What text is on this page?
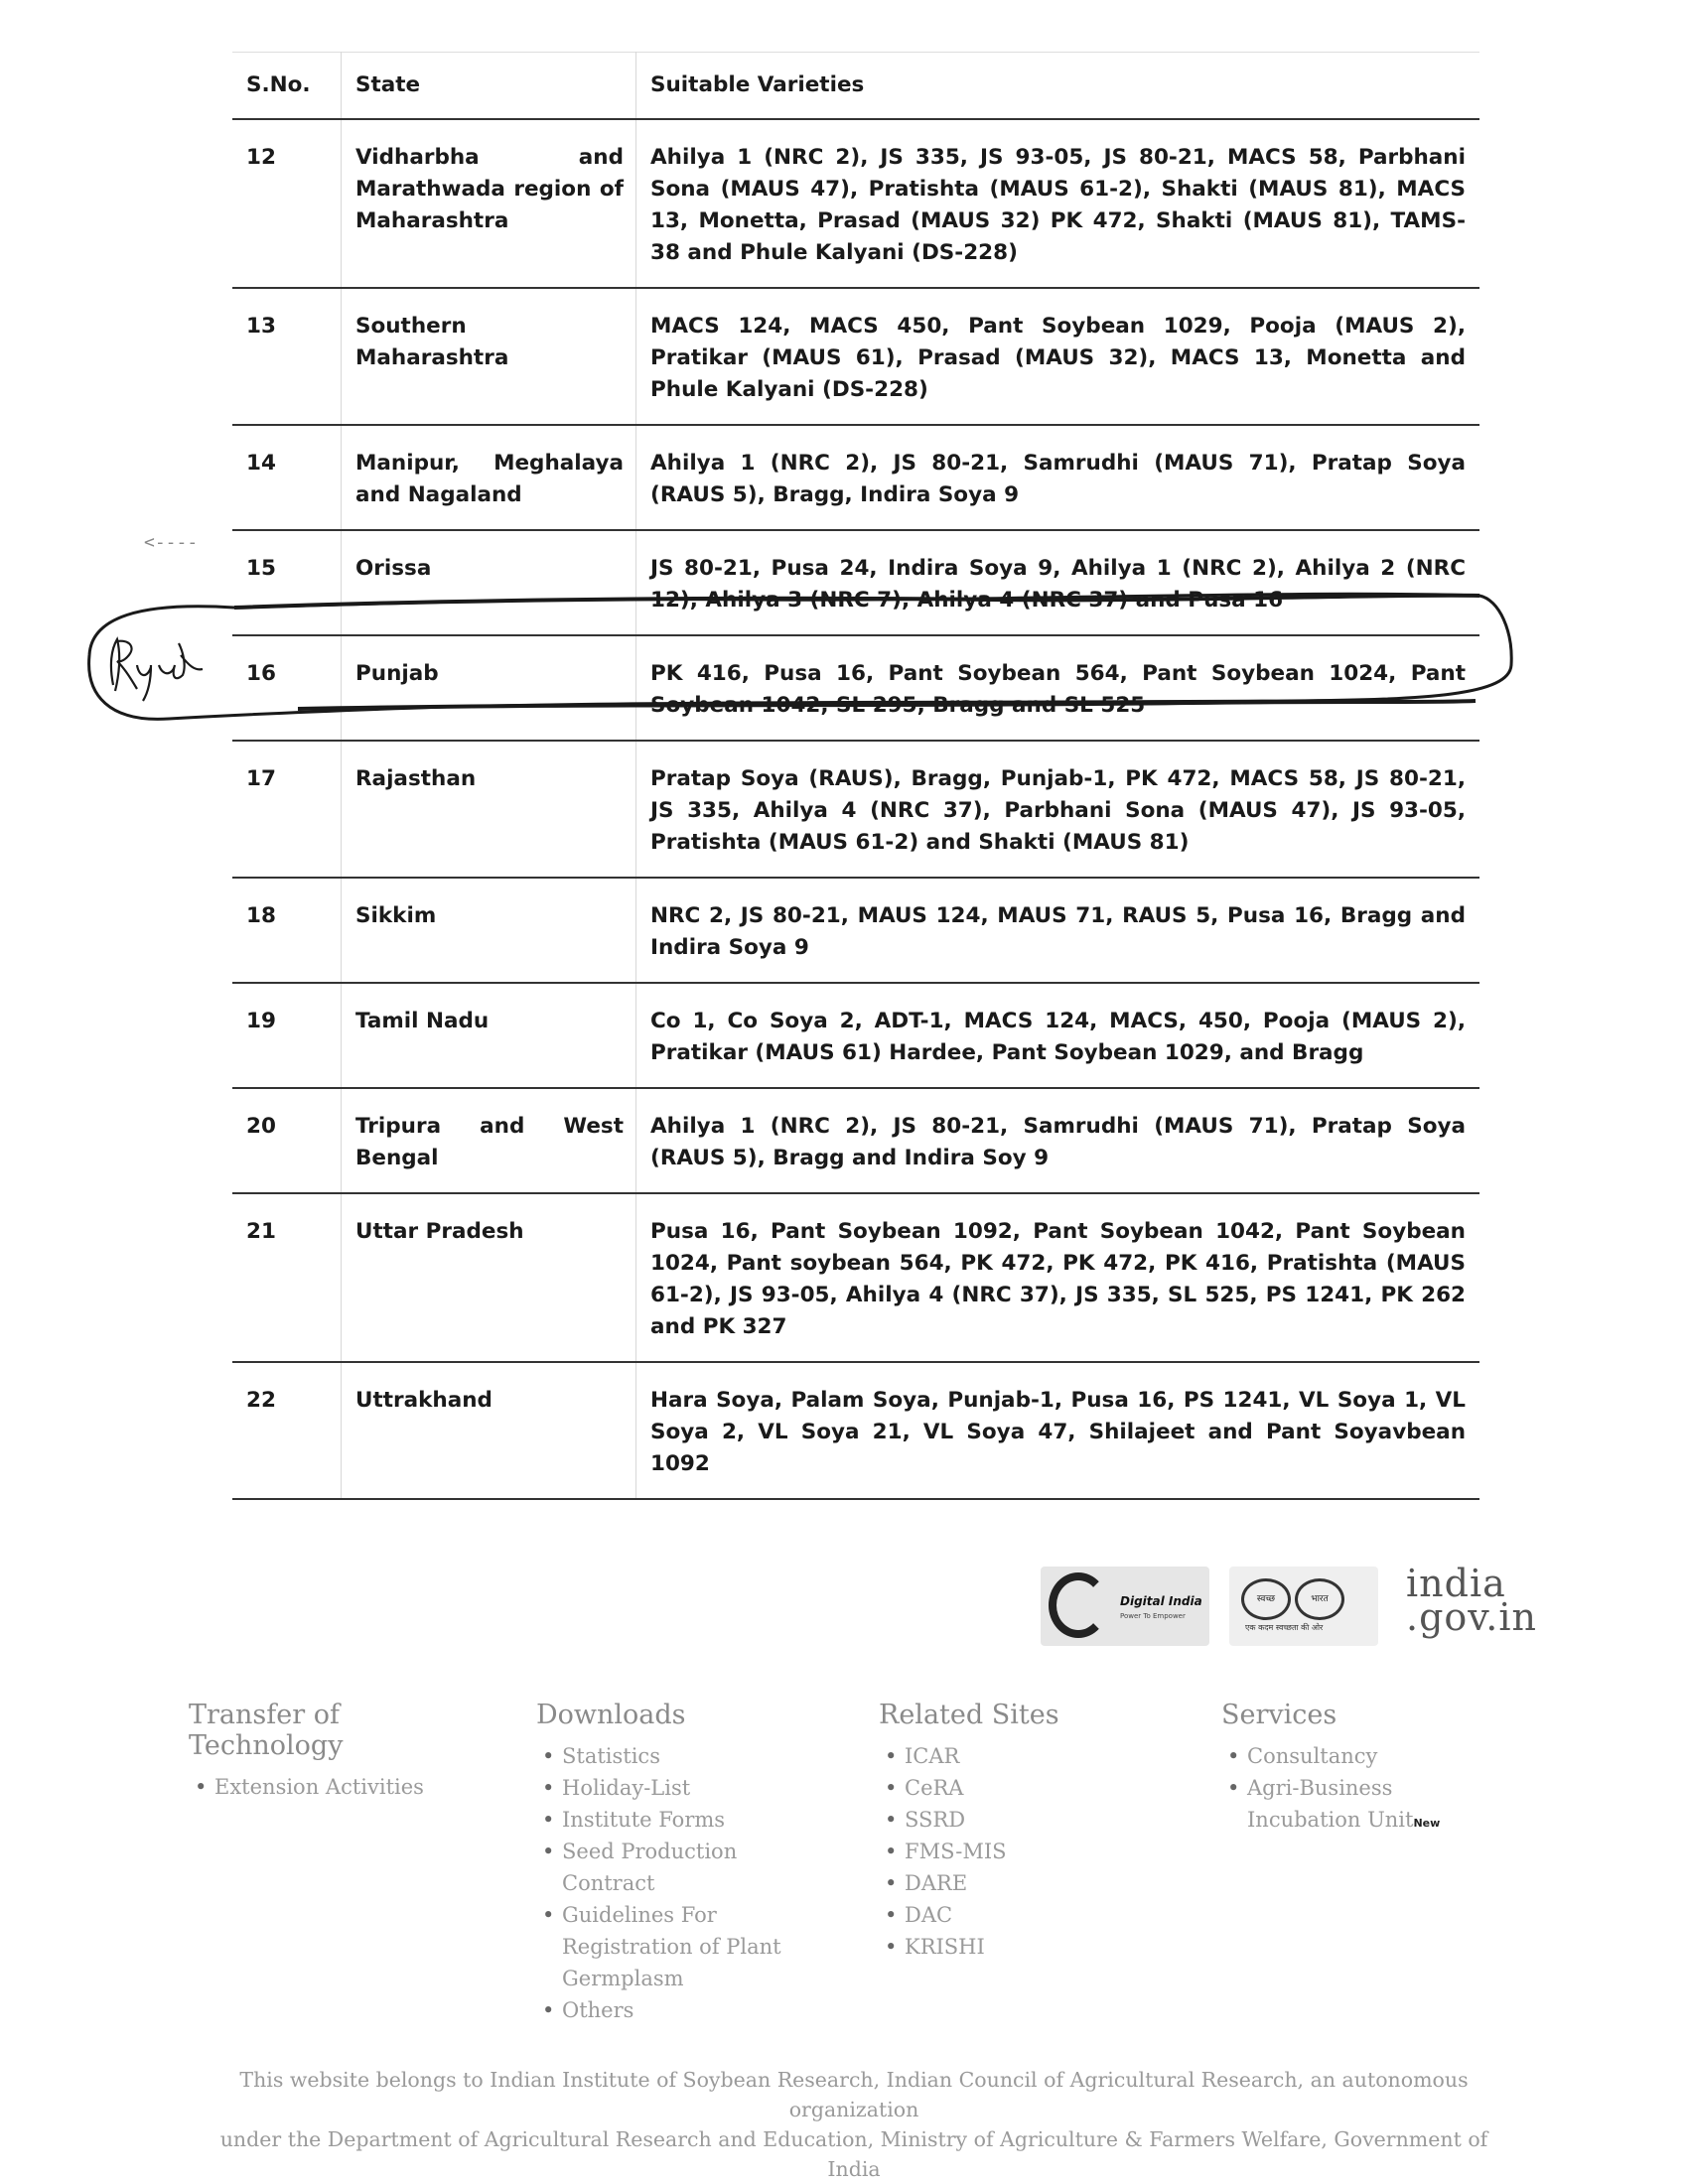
S.No.	State	Suitable Varieties
12	Vidharbha and Marathwada region of Maharashtra	Ahilya 1 (NRC 2), JS 335, JS 93-05, JS 80-21, MACS 58, Parbhani Sona (MAUS 47), Pratishta (MAUS 61-2), Shakti (MAUS 81), MACS 13, Monetta, Prasad (MAUS 32) PK 472, Shakti (MAUS 81), TAMS-38 and Phule Kalyani (DS-228)
13	Southern Maharashtra	MACS 124, MACS 450, Pant Soybean 1029, Pooja (MAUS 2), Pratikar (MAUS 61), Prasad (MAUS 32), MACS 13, Monetta and Phule Kalyani (DS-228)
14	Manipur, Meghalaya and Nagaland	Ahilya 1 (NRC 2), JS 80-21, Samrudhi (MAUS 71), Pratap Soya (RAUS 5), Bragg, Indira Soya 9
15	Orissa	JS 80-21, Pusa 24, Indira Soya 9, Ahilya 1 (NRC 2), Ahilya 2 (NRC 12), Ahilya 3 (NRC 7), Ahilya 4 (NRC 37) and Pusa 16
16	Punjab	PK 416, Pusa 16, Pant Soybean 564, Pant Soybean 1024, Pant Soybean 1042, SL 295, Bragg and SL 525
17	Rajasthan	Pratap Soya (RAUS), Bragg, Punjab-1, PK 472, MACS 58, JS 80-21, JS 335, Ahilya 4 (NRC 37), Parbhani Sona (MAUS 47), JS 93-05, Pratishta (MAUS 61-2) and Shakti (MAUS 81)
18	Sikkim	NRC 2, JS 80-21, MAUS 124, MAUS 71, RAUS 5, Pusa 16, Bragg and Indira Soya 9
19	Tamil Nadu	Co 1, Co Soya 2, ADT-1, MACS 124, MACS, 450, Pooja (MAUS 2), Pratikar (MAUS 61) Hardee, Pant Soybean 1029, and Bragg
20	Tripura and West Bengal	Ahilya 1 (NRC 2), JS 80-21, Samrudhi (MAUS 71), Pratap Soya (RAUS 5), Bragg and Indira Soy 9
21	Uttar Pradesh	Pusa 16, Pant Soybean 1092, Pant Soybean 1042, Pant Soybean 1024, Pant soybean 564, PK 472, PK 472, PK 416, Pratishta (MAUS 61-2), JS 93-05, Ahilya 4 (NRC 37), JS 335, SL 525, PS 1241, PK 262 and PK 327
22	Uttrakhand	Hara Soya, Palam Soya, Punjab-1, Pusa 16, PS 1241, VL Soya 1, VL Soya 2, VL Soya 21, VL Soya 47, Shilajeet and Pant Soyavbean 1092
<----
Digital India
Power To Empower
स्वच्छ	भारत
एक कदम स्वच्छता की ओर
india
.gov.in
Transfer of Technology
• Extension Activities
Downloads
• Statistics
• Holiday-List
• Institute Forms
• Seed Production Contract
• Guidelines For Registration of Plant Germplasm
• Others
Related Sites
• ICAR
• CeRA
• SSRD
• FMS-MIS
• DARE
• DAC
• KRISHI
Services
• Consultancy
• Agri-Business Incubation UnitNew
This website belongs to Indian Institute of Soybean Research, Indian Council of Agricultural Research, an autonomous organization
under the Department of Agricultural Research and Education, Ministry of Agriculture & Farmers Welfare, Government of India
